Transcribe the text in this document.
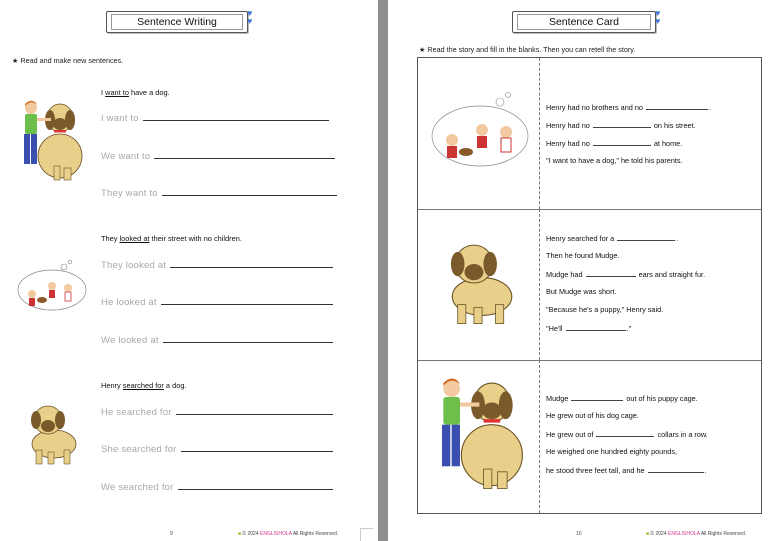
Sentence Writing
♥
♥
★ Read and make new sentences.
I want to have a dog.
I want to
We want to
They want to
They looked at their street with no children.
They looked at
He looked at
We looked at
Henry searched for a dog.
He searched for
She searched for
We searched for
9	■ © 2024 ENGLISHOLA All Rights Reserved.
Sentence Card
♥
♥
★ Read the story and fill in the blanks. Then you can retell the story.
Henry had no brothers and no	.
Henry had no	on his street.
Henry had no	at home.
"I want to have a dog," he told his parents.
Henry searched for a	.
Then he found Mudge.
Mudge had	ears and straight fur.
But Mudge was short.
"Because he's a puppy," Henry said.
"He'll	."
Mudge	out of his puppy cage.
He grew out of his dog cage.
He grew out of	collars in a row.
He weighed one hundred eighty pounds,
he stood three feet tall, and he	.
10	■ © 2024 ENGLISHOLA All Rights Reserved.
